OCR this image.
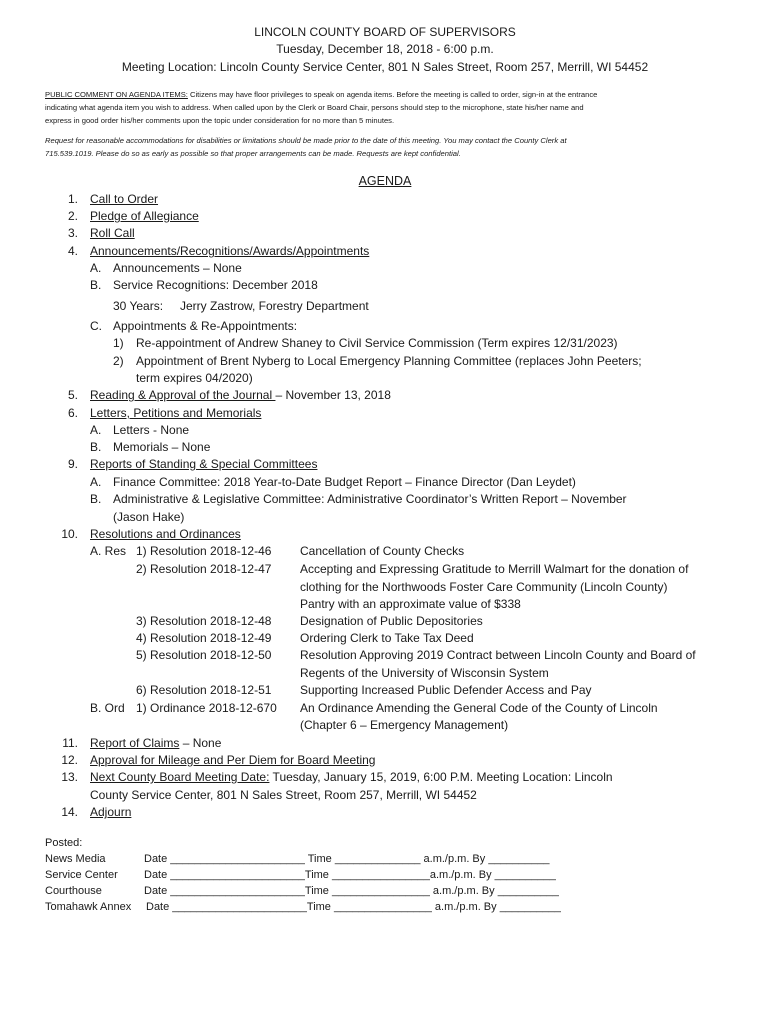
LINCOLN COUNTY BOARD OF SUPERVISORS
Tuesday, December 18, 2018 - 6:00 p.m.
Meeting Location: Lincoln County Service Center, 801 N Sales Street, Room 257, Merrill, WI 54452
PUBLIC COMMENT ON AGENDA ITEMS: Citizens may have floor privileges to speak on agenda items. Before the meeting is called to order, sign-in at the entrance
indicating what agenda item you wish to address. When called upon by the Clerk or Board Chair, persons should step to the microphone, state his/her name and
express in good order his/her comments upon the topic under consideration for no more than 5 minutes.
Request for reasonable accommodations for disabilities or limitations should be made prior to the date of this meeting. You may contact the County Clerk at
715.539.1019. Please do so as early as possible so that proper arrangements can be made. Requests are kept confidential.
AGENDA
1. Call to Order
2. Pledge of Allegiance
3. Roll Call
4. Announcements/Recognitions/Awards/Appointments
A. Announcements – None
B. Service Recognitions: December 2018
30 Years: Jerry Zastrow, Forestry Department
C. Appointments & Re-Appointments:
1) Re-appointment of Andrew Shaney to Civil Service Commission (Term expires 12/31/2023)
2) Appointment of Brent Nyberg to Local Emergency Planning Committee (replaces John Peeters;
term expires 04/2020)
5. Reading & Approval of the Journal – November 13, 2018
6. Letters, Petitions and Memorials
A. Letters - None
B. Memorials – None
9. Reports of Standing & Special Committees
A. Finance Committee: 2018 Year-to-Date Budget Report – Finance Director (Dan Leydet)
B. Administrative & Legislative Committee: Administrative Coordinator’s Written Report – November
(Jason Hake)
10. Resolutions and Ordinances
A. Res 1) Resolution 2018-12-46 Cancellation of County Checks
2) Resolution 2018-12-47 Accepting and Expressing Gratitude to Merrill Walmart for the donation of
clothing for the Northwoods Foster Care Community (Lincoln County)
Pantry with an approximate value of $338
3) Resolution 2018-12-48 Designation of Public Depositories
4) Resolution 2018-12-49 Ordering Clerk to Take Tax Deed
5) Resolution 2018-12-50 Resolution Approving 2019 Contract between Lincoln County and Board of
Regents of the University of Wisconsin System
6) Resolution 2018-12-51 Supporting Increased Public Defender Access and Pay
B. Ord 1) Ordinance 2018-12-670 An Ordinance Amending the General Code of the County of Lincoln
(Chapter 6 – Emergency Management)
11. Report of Claims – None
12. Approval for Mileage and Per Diem for Board Meeting
13. Next County Board Meeting Date: Tuesday, January 15, 2019, 6:00 P.M. Meeting Location: Lincoln
County Service Center, 801 N Sales Street, Room 257, Merrill, WI 54452
14. Adjourn
Posted:
News Media	Date ______________________ Time ______________ a.m./p.m. By __________
Service Center Date ______________________Time ________________a.m./p.m. By __________
Courthouse	Date ______________________Time ________________ a.m./p.m. By __________
Tomahawk Annex Date ______________________Time ________________ a.m./p.m. By __________
